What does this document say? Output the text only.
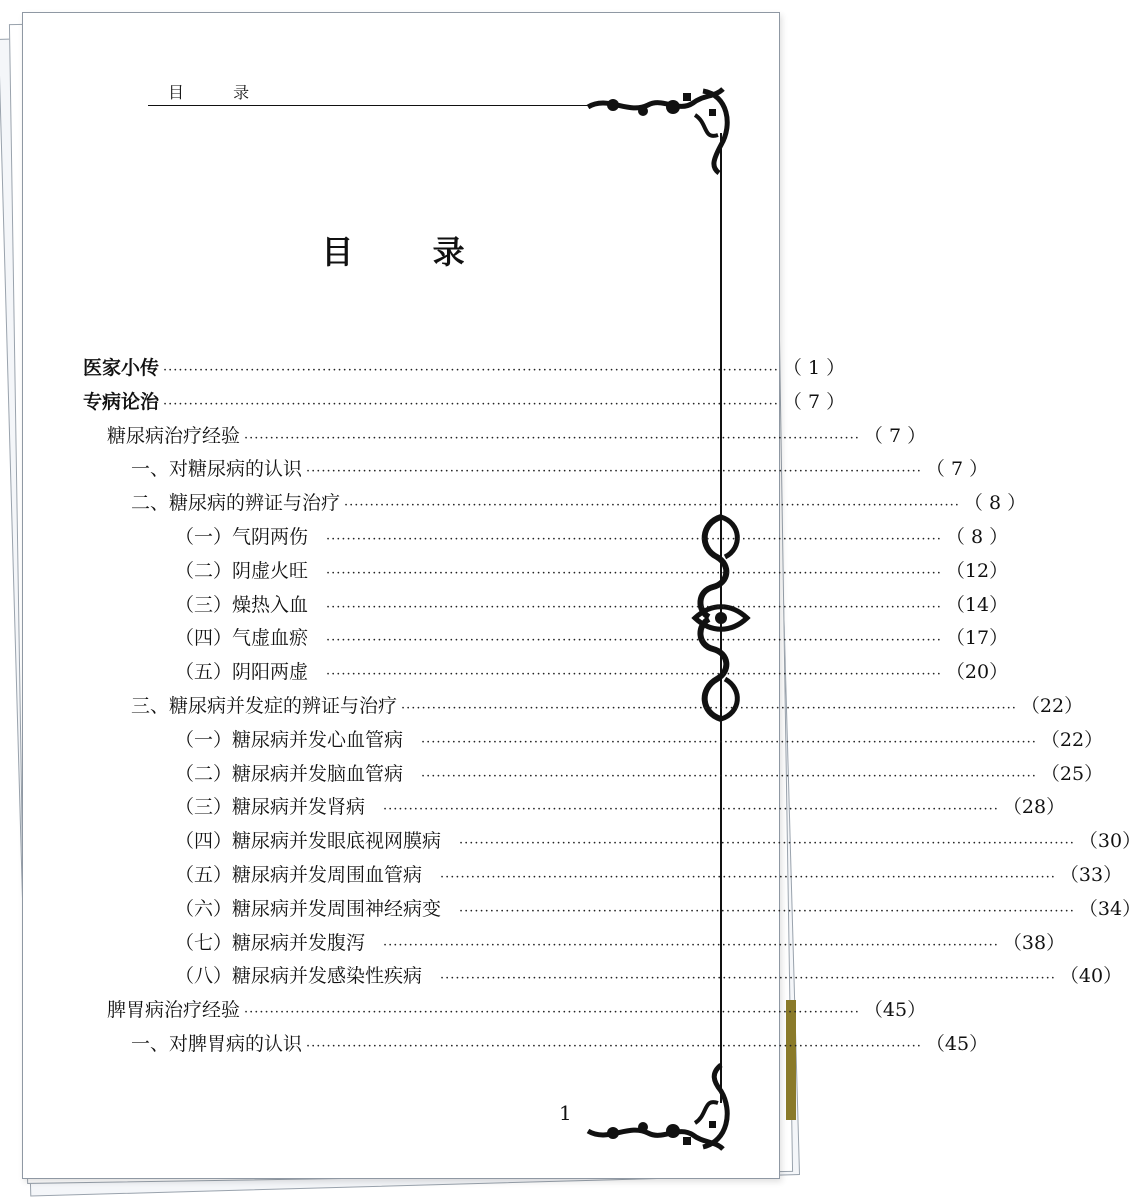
目 录
目 录
医家小传 ························································································································ （ 1 ）
专病论治 ························································································································ （ 7 ）
糖尿病治疗经验 ························································································································ （ 7 ）
一、对糖尿病的认识 ························································································································ （ 7 ）
二、糖尿病的辨证与治疗 ························································································································ （ 8 ）
（一）气阴两伤 ························································································································ （ 8 ）
（二）阴虚火旺 ························································································································ （12）
（三）燥热入血 ························································································································ （14）
（四）气虚血瘀 ························································································································ （17）
（五）阴阳两虚 ························································································································ （20）
三、糖尿病并发症的辨证与治疗 ························································································································ （22）
（一）糖尿病并发心血管病 ························································································································ （22）
（二）糖尿病并发脑血管病 ························································································································ （25）
（三）糖尿病并发肾病 ························································································································ （28）
（四）糖尿病并发眼底视网膜病 ························································································································ （30）
（五）糖尿病并发周围血管病 ························································································································ （33）
（六）糖尿病并发周围神经病变 ························································································································ （34）
（七）糖尿病并发腹泻 ························································································································ （38）
（八）糖尿病并发感染性疾病 ························································································································ （40）
脾胃病治疗经验 ························································································································ （45）
一、对脾胃病的认识 ························································································································ （45）
1
